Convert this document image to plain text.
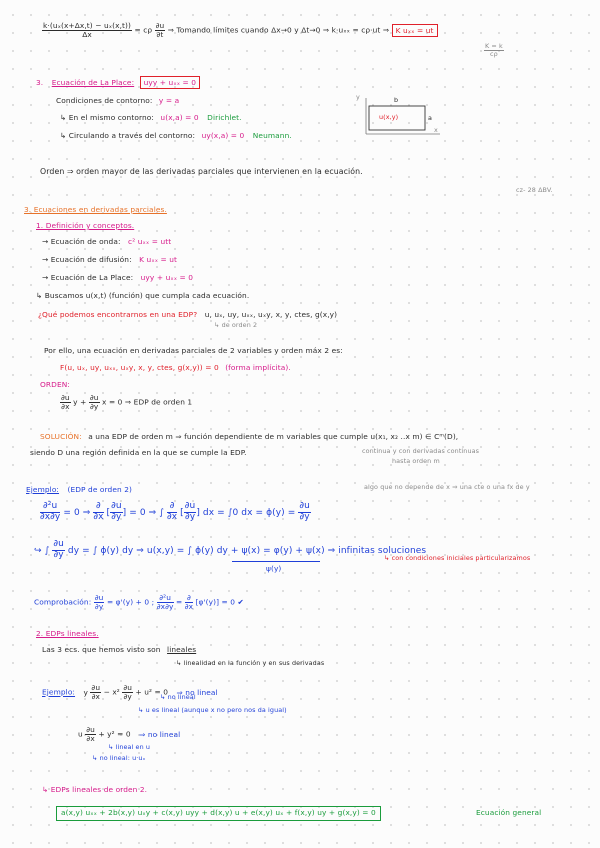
$\frac{\text{k·(uₓ(x+Δx,t) − uₓ(x,t))}}{\Delta x} = c\rho \frac{\partial u}{\partial t}$ ⇒ Tomando límites cuando Δx→0 y Δt→0 ⇒ k·uₓₓ = cρ·ut ⇒ K uₓₓ = ut
$\frac{K = k}{c\rho}$
3. Ecuación de La Place: uyy + uₓₓ = 0
Condiciones de contorno: y = a
↳ En el mismo contorno: u(x,a) = 0 Dirichlet.
↳ Circulando a través del contorno: uy(x,a) = 0 Neumann.
y	b
u(x,y)	a
x
Orden ⇒ orden mayor de las derivadas parciales que intervienen en la ecuación.
cz- 28 ΔBV.
3. Ecuaciones en derivadas parciales.
1. Definición y conceptos.
→ Ecuación de onda: c² uₓₓ = utt
→ Ecuación de difusión: K uₓₓ = ut
→ Ecuación de La Place: uyy + uₓₓ = 0
↳ Buscamos u(x,t) (función) que cumpla cada ecuación.
¿Qué podemos encontrarnos en una EDP? u, uₓ, uy, uₓₓ, uₓy, x, y, ctes, g(x,y)
↳ de orden 2
Por ello, una ecuación en derivadas parciales de 2 variables y orden máx 2 es:
F(u, uₓ, uy, uₓₓ, uₓy, x, y, ctes, g(x,y)) = 0 (forma implícita).
ORDEN:
$\frac{\partial u}{\partial x}$ $y + \frac{\partial u}{\partial y}$ x = 0 ⇒ EDP de orden 1
SOLUCIÓN: a una EDP de orden m ⇒ función dependiente de m variables que cumple u(x₁, x₂ ..x m) ∈ Cᵐ(D),
siendo D una región definida en la que se cumple la EDP.	continua y con derivadas continuas
hasta orden m
Ejemplo: (EDP de orden 2)	algo que no depende de x ⇒ una cte o una fx de y
$\frac{\text{∂²u}}{\partial x\partial y} = 0$ ⇒ $\frac{\partial}{\partial x}$ [ $\frac{\partial u}{\partial y}$ ] = 0 ⇒ ∫ $\frac{\partial}{\partial x}$ [ $\frac{\partial u}{\partial y}$ ] dx = ∫0 dx = $\phi(y) = \frac{\partial u}{\partial y}$
↪ ∫ $\frac{\partial u}{\partial y}$ dy = ∫ ϕ(y) dy ⇒ u(x,y) = ∫ ϕ(y) dy + ψ(x) = φ(y) + ψ(x) ⇒ infinitas soluciones
↳ con condiciones iniciales particularizamos
ψ(y)
Comprobación: $\frac{\partial u}{\partial y} = \varphi'(y) + 0$ ; $\frac{\text{∂²u}}{\partial x\partial y} = \frac{\partial}{\partial x} [\varphi'(y)] = 0$ ✔
2. EDPs lineales.
Las 3 ecs. que hemos visto son lineales
↳ linealidad en la función y en sus derivadas
Ejemplo: y $\frac{\partial u}{\partial x} - x^2 \frac{\partial u}{\partial y} + u^2 = 0$ ⇒ no lineal
↳ no lineal
↳ u es lineal (aunque x no pero nos da igual)
u $\frac{\partial u}{\partial x} + y^2 = 0$ ⇒ no lineal
↳ lineal en u
↳ no lineal: u·uₓ
↳ EDPs lineales de orden 2.
a(x,y) uₓₓ + 2b(x,y) uₓy + c(x,y) uyy + d(x,y) u + e(x,y) uₓ + f(x,y) uy + g(x,y) = 0	Ecuación general
